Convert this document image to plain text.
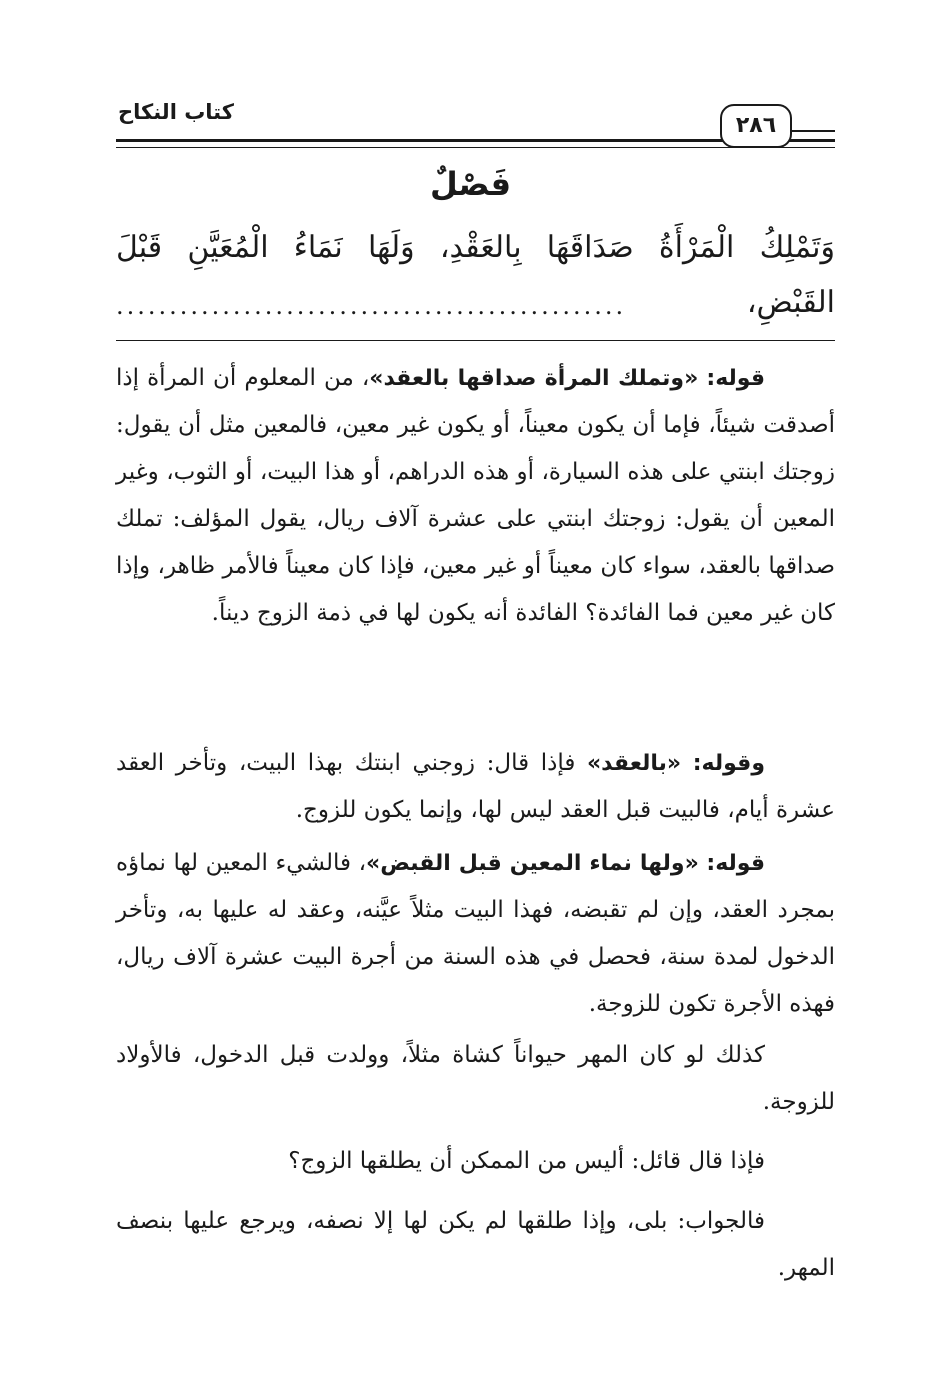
كتاب النكاح
٢٨٦
فَصْلٌ
وَتَمْلِكُ الْمَرْأَةُ صَدَاقَهَا بِالعَقْدِ، وَلَهَا نَمَاءُ الْمُعَيَّنِ قَبْلَ
القَبْضِ،
................................................

قوله: «وتملك المرأة صداقها بالعقد»، من المعلوم أن المرأة إذا أصدقت شيئاً، فإما أن يكون معيناً، أو يكون غير معين، فالمعين مثل أن يقول: زوجتك ابنتي على هذه السيارة، أو هذه الدراهم، أو هذا البيت، أو الثوب، وغير المعين أن يقول: زوجتك ابنتي على عشرة آلاف ريال، يقول المؤلف: تملك صداقها بالعقد، سواء كان معيناً أو غير معين، فإذا كان معيناً فالأمر ظاهر، وإذا كان غير معين فما الفائدة؟ الفائدة أنه يكون لها في ذمة الزوج ديناً.

وقوله: «بالعقد» فإذا قال: زوجني ابنتك بهذا البيت، وتأخر العقد عشرة أيام، فالبيت قبل العقد ليس لها، وإنما يكون للزوج.

قوله: «ولها نماء المعين قبل القبض»، فالشيء المعين لها نماؤه بمجرد العقد، وإن لم تقبضه، فهذا البيت مثلاً عيَّنه، وعقد له عليها به، وتأخر الدخول لمدة سنة، فحصل في هذه السنة من أجرة البيت عشرة آلاف ريال، فهذه الأجرة تكون للزوجة.

كذلك لو كان المهر حيواناً كشاة مثلاً، وولدت قبل الدخول، فالأولاد للزوجة.

فإذا قال قائل: أليس من الممكن أن يطلقها الزوج؟

فالجواب: بلى، وإذا طلقها لم يكن لها إلا نصفه، ويرجع عليها بنصف المهر.
